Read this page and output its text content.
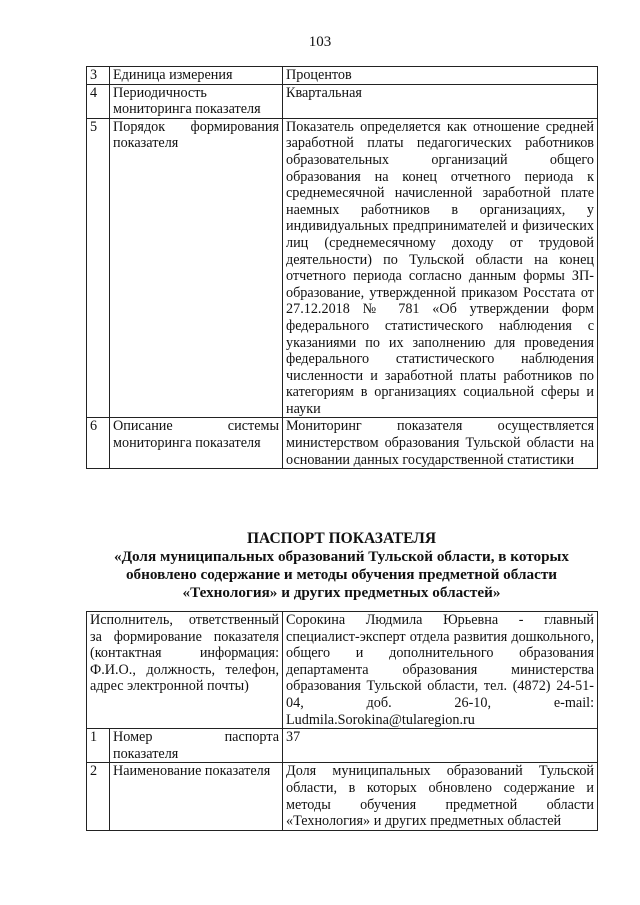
103
3	Единица измерения	Процентов
4	Периодичность мониторинга показателя	Квартальная
5	Порядок формирования показателя	Показатель определяется как отношение средней заработной платы педагогических работников образовательных организаций общего образования на конец отчетного периода к среднемесячной начисленной заработной плате наемных работников в организациях, у индивидуальных предпринимателей и физических лиц (среднемесячному доходу от трудовой деятельности) по Тульской области на конец отчетного периода согласно данным формы ЗП-образование, утвержденной приказом Росстата от 27.12.2018 № 781 «Об утверждении форм федерального статистического наблюдения с указаниями по их заполнению для проведения федерального статистического наблюдения численности и заработной платы работников по категориям в организациях социальной сферы и науки
6	Описание системы мониторинга показателя	Мониторинг показателя осуществляется министерством образования Тульской области на основании данных государственной статистики
ПАСПОРТ ПОКАЗАТЕЛЯ
«Доля муниципальных образований Тульской области, в которых обновлено содержание и методы обучения предметной области «Технология» и других предметных областей»
Исполнитель, ответственный за формирование показателя (контактная информация: Ф.И.О., должность, телефон, адрес электронной почты)		Сорокина Людмила Юрьевна - главный специалист-эксперт отдела развития дошкольного, общего и дополнительного образования департамента образования министерства образования Тульской области, тел. (4872) 24-51-04, доб. 26-10, e-mail: Ludmila.Sorokina@tularegion.ru
1	Номер паспорта показателя	37
2	Наименование показателя	Доля муниципальных образований Тульской области, в которых обновлено содержание и методы обучения предметной области «Технология» и других предметных областей
